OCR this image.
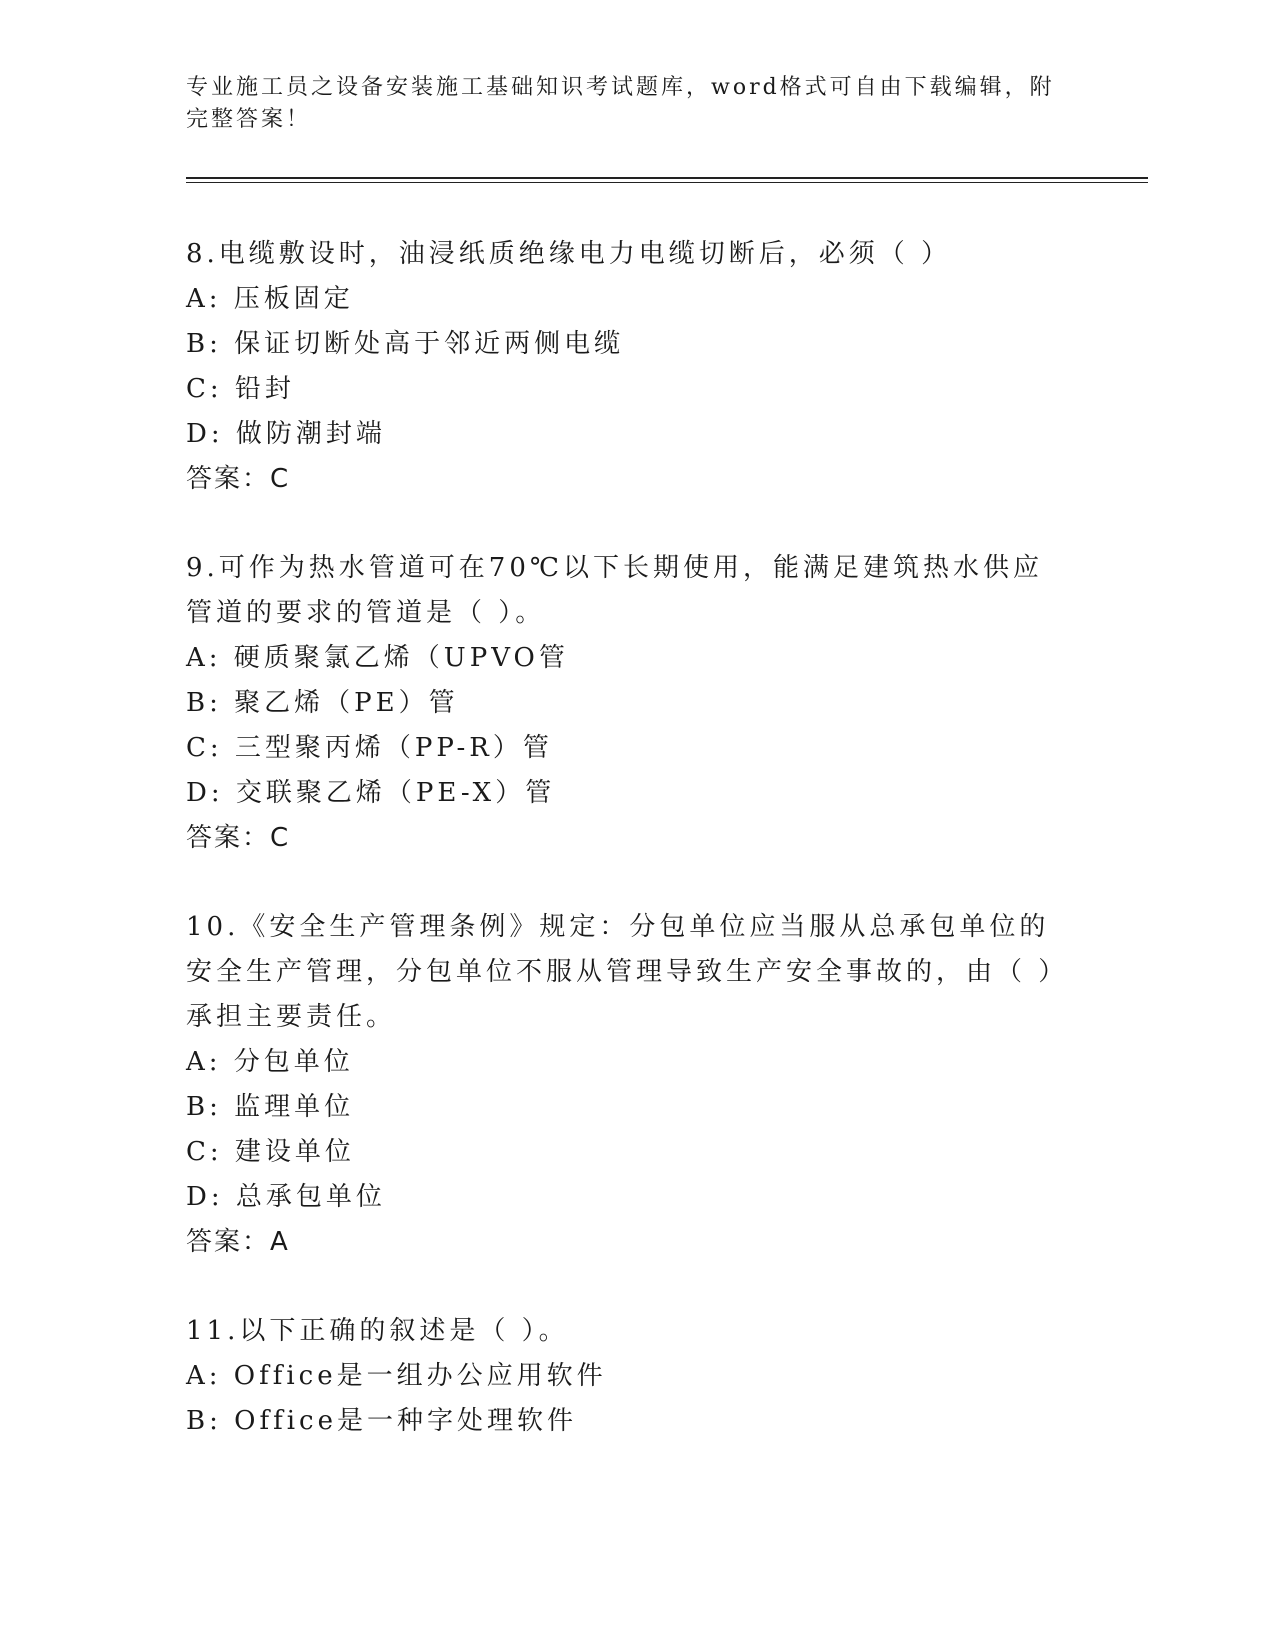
专业施工员之设备安装施工基础知识考试题库，word格式可自由下载编辑，附完整答案！

8.电缆敷设时，油浸纸质绝缘电力电缆切断后，必须（ ）

A: 压板固定

B: 保证切断处高于邻近两侧电缆

C: 铅封

D: 做防潮封端

答案：C

9.可作为热水管道可在70℃以下长期使用，能满足建筑热水供应管道的要求的管道是（ ）。

A: 硬质聚氯乙烯（UPVO管

B: 聚乙烯（PE）管

C: 三型聚丙烯（PP-R）管

D: 交联聚乙烯（PE-X）管

答案：C

10.《安全生产管理条例》规定：分包单位应当服从总承包单位的安全生产管理，分包单位不服从管理导致生产安全事故的，由（ ）承担主要责任。

A: 分包单位

B: 监理单位

C: 建设单位

D: 总承包单位

答案：A

11.以下正确的叙述是（ ）。

A: Office是一组办公应用软件

B: Office是一种字处理软件
